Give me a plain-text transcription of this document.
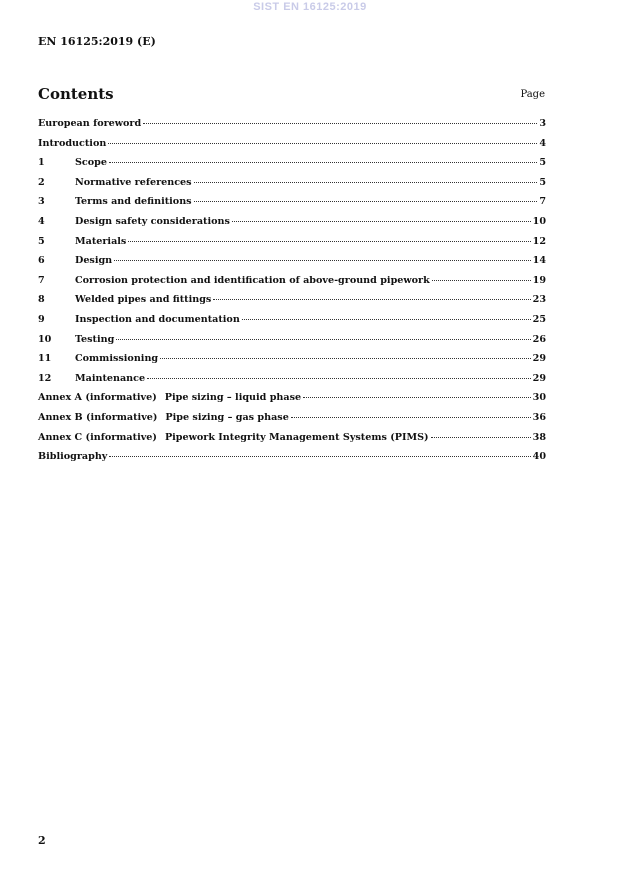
SIST EN 16125:2019
EN 16125:2019 (E)
Contents	Page
European foreword	3
Introduction	4
1	Scope	5
2	Normative references	5
3	Terms and definitions	7
4	Design safety considerations	10
5	Materials	12
6	Design	14
7	Corrosion protection and identification of above-ground pipework	19
8	Welded pipes and fittings	23
9	Inspection and documentation	25
10	Testing	26
11	Commissioning	29
12	Maintenance	29
Annex A (informative) Pipe sizing – liquid phase	30
Annex B (informative) Pipe sizing – gas phase	36
Annex C (informative) Pipework Integrity Management Systems (PIMS)	38
Bibliography	40
2
